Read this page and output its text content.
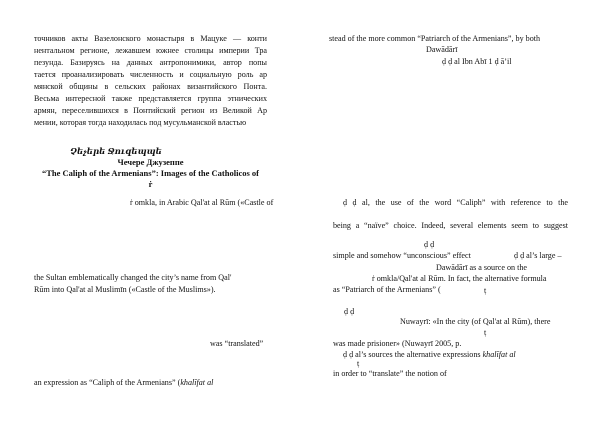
точников акты Вазелонского монастыря в Мацуке — конти
нентальном регионе, лежавшем южнее столицы империи Тра
пезунда. Базируясь на данных антропонимики, автор попы
тается проанализировать численность и социальную роль ар
мянской общины в сельских районах византийского Понта.
Весьма интересной также представляется группа этнических
армян, переселившихся в Понтийский регион из Великой Ар
мении, которая тогда находилась под мусульманской властью
Չեչերե Ջուզեպպե
Чечере Джузеппе
“The Caliph of the Armenians”: Images of the Catholicos of
ṙ
ṙ omkla, in Arabic Qal'at al Rūm («Castle of
the Sultan emblematically changed the city’s name from Qal'
Rūm into Qal'at al Muslimīn («Castle of the Muslims»).
was “translated”
an expression as “Caliph of the Armenians” (khalīfat al
stead of the more common “Patriarch of the Armenians”, by both
Dawādārī
ḍ ḍ al Ibn Abī 1 ḍ ā’il
ḍ ḍ al, the use of the word “Caliph” with reference to the
being a “naïve” choice. Indeed, several elements seem to suggest
ḍ ḍ
simple and somehow “unconscious” effect	ḍ ḍ al’s large –
Dawādārī as a source on the
ṙ omkla/Qal'at al Rūm. In fact, the alternative formula
as “Patriarch of the Armenians” (	ṭ
ḍ ḍ
Nuwayrī: «In the city (of Qal'at al Rūm), there
ṭ
was made prisioner» (Nuwayrī 2005, p.
ḍ ḍ al’s sources the alternative expressions khalīfat al
ṭ
in order to “translate” the notion of
